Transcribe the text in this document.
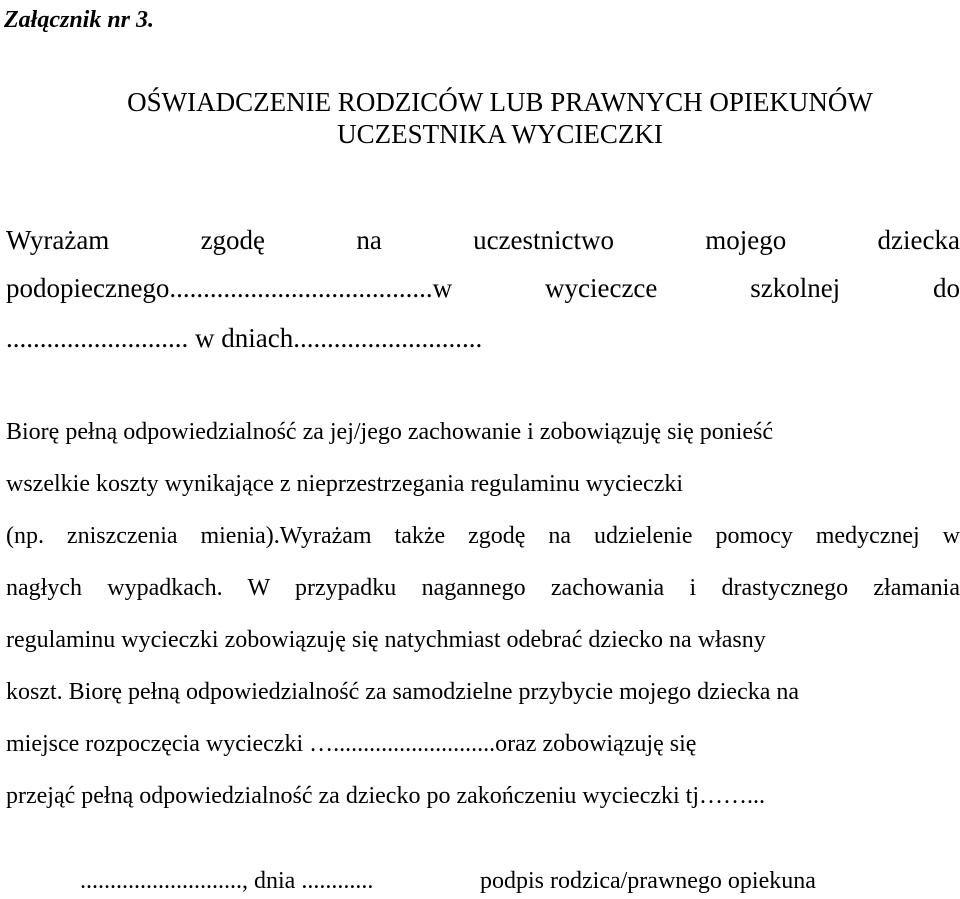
Załącznik nr 3.

OŚWIADCZENIE RODZICÓW LUB PRAWNYCH OPIEKUNÓW
UCZESTNIKA WYCIECZKI
Wyrażam zgodę na uczestnictwo mojego dziecka
podopiecznego.......................................w wycieczce szkolnej do
........................... w dniach............................
Biorę pełną odpowiedzialność za jej/jego zachowanie i zobowiązuję się ponieść
wszelkie koszty wynikające z nieprzestrzegania regulaminu wycieczki
(np. zniszczenia mienia).Wyrażam także zgodę na udzielenie pomocy medycznej w
nagłych wypadkach. W przypadku nagannego zachowania i drastycznego złamania
regulaminu wycieczki zobowiązuję się natychmiast odebrać dziecko na własny
koszt. Biorę pełną odpowiedzialność za samodzielne przybycie mojego dziecka na
miejsce rozpoczęcia wycieczki …...........................oraz zobowiązuję się
przejąć pełną odpowiedzialność za dziecko po zakończeniu wycieczki tj……...
..........................., dnia ............	podpis rodzica/prawnego opiekuna
